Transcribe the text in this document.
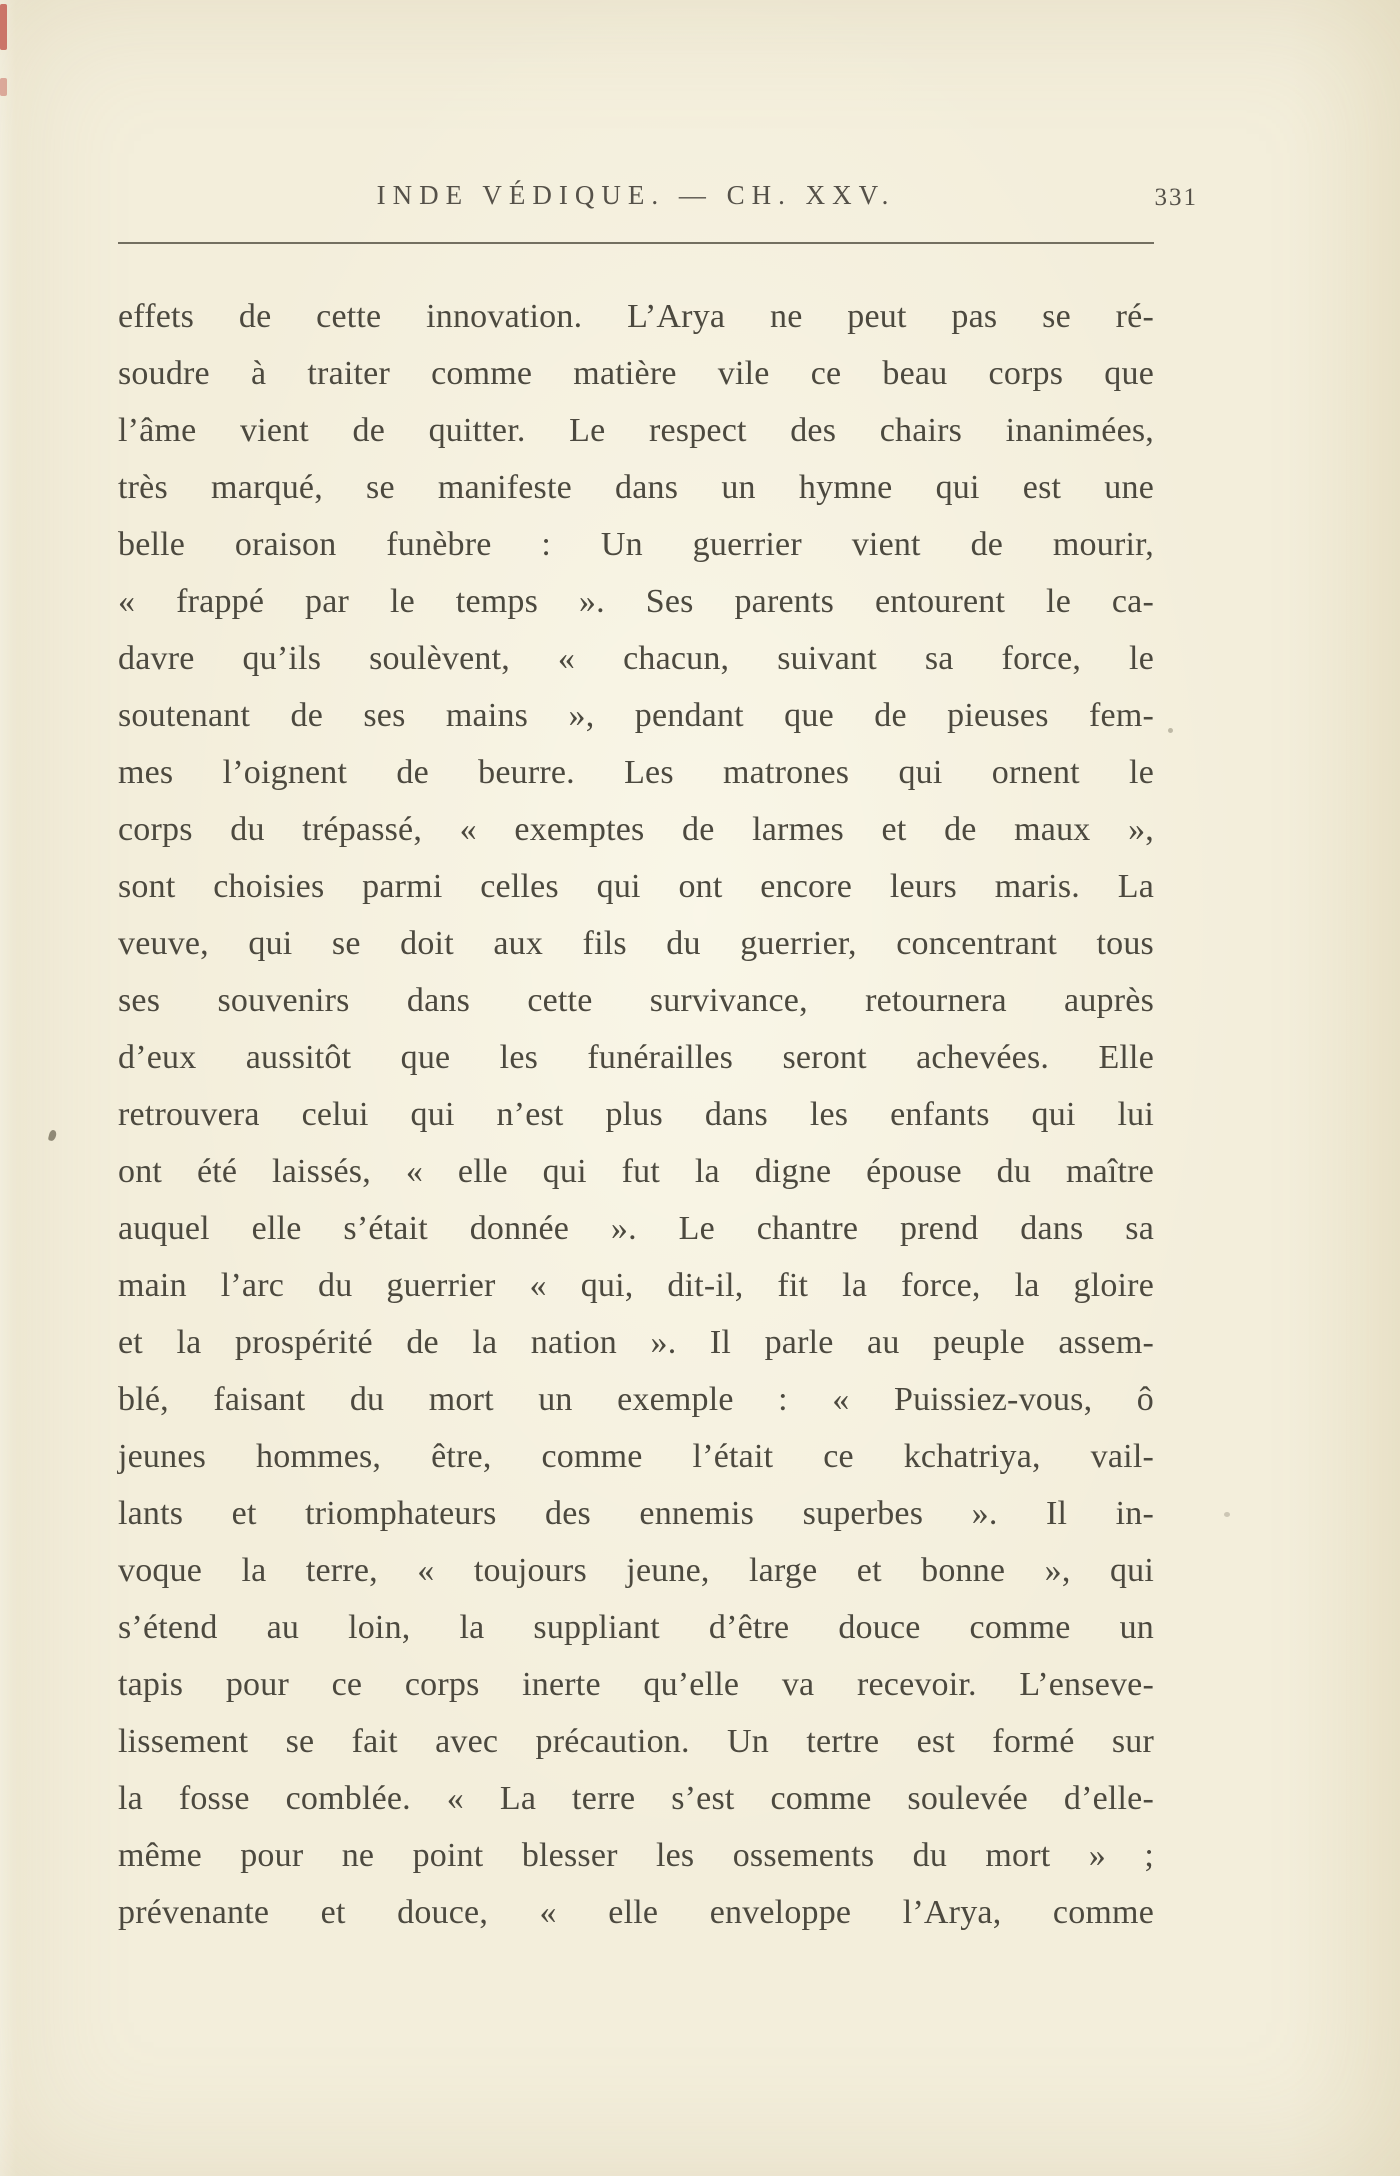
INDE VÉDIQUE. — CH. XXV.	331
effets de cette innovation. L’Arya ne peut pas se ré-
soudre à traiter comme matière vile ce beau corps que
l’âme vient de quitter. Le respect des chairs inanimées,
très marqué, se manifeste dans un hymne qui est une
belle oraison funèbre : Un guerrier vient de mourir,
« frappé par le temps ». Ses parents entourent le ca-
davre qu’ils soulèvent, « chacun, suivant sa force, le
soutenant de ses mains », pendant que de pieuses fem-
mes l’oignent de beurre. Les matrones qui ornent le
corps du trépassé, « exemptes de larmes et de maux »,
sont choisies parmi celles qui ont encore leurs maris. La
veuve, qui se doit aux fils du guerrier, concentrant tous
ses souvenirs dans cette survivance, retournera auprès
d’eux aussitôt que les funérailles seront achevées. Elle
retrouvera celui qui n’est plus dans les enfants qui lui
ont été laissés, « elle qui fut la digne épouse du maître
auquel elle s’était donnée ». Le chantre prend dans sa
main l’arc du guerrier « qui, dit-il, fit la force, la gloire
et la prospérité de la nation ». Il parle au peuple assem-
blé, faisant du mort un exemple : « Puissiez-vous, ô
jeunes hommes, être, comme l’était ce kchatriya, vail-
lants et triomphateurs des ennemis superbes ». Il in-
voque la terre, « toujours jeune, large et bonne », qui
s’étend au loin, la suppliant d’être douce comme un
tapis pour ce corps inerte qu’elle va recevoir. L’enseve-
lissement se fait avec précaution. Un tertre est formé sur
la fosse comblée. « La terre s’est comme soulevée d’elle-
même pour ne point blesser les ossements du mort » ;
prévenante et douce, « elle enveloppe l’Arya, comme
